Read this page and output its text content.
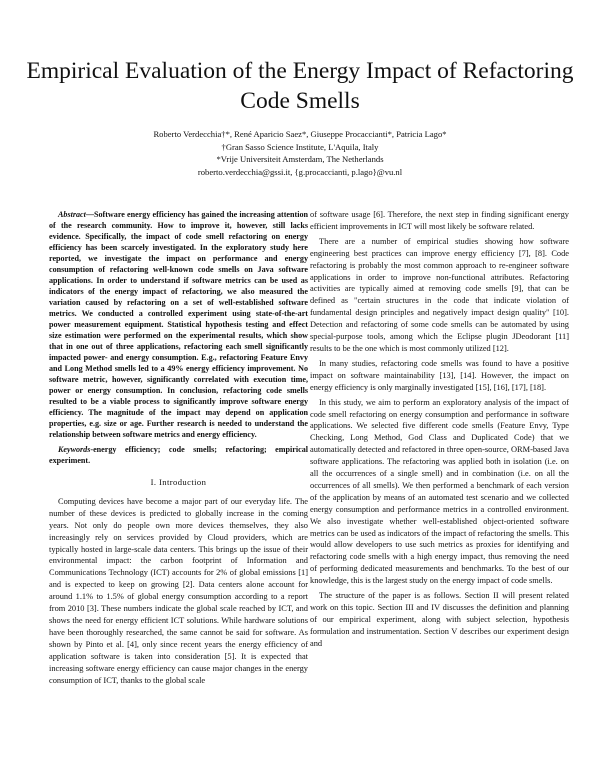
Empirical Evaluation of the Energy Impact of Refactoring Code Smells
Roberto Verdecchia†*, René Aparicio Saez*, Giuseppe Procaccianti*, Patricia Lago*
†Gran Sasso Science Institute, L'Aquila, Italy
*Vrije Universiteit Amsterdam, The Netherlands
roberto.verdecchia@gssi.it, {g.procaccianti, p.lago}@vu.nl

Abstract—Software energy efficiency has gained the increasing attention of the research community. How to improve it, however, still lacks evidence. Specifically, the impact of code smell refactoring on energy efficiency has been scarcely investigated. In the exploratory study here reported, we investigate the impact on performance and energy consumption of refactoring well-known code smells on Java software applications. In order to understand if software metrics can be used as indicators of the energy impact of refactoring, we also measured the variation caused by refactoring on a set of well-established software metrics. We conducted a controlled experiment using state-of-the-art power measurement equipment. Statistical hypothesis testing and effect size estimation were performed on the experimental results, which show that in one out of three applications, refactoring each smell significantly impacted power- and energy consumption. E.g., refactoring Feature Envy and Long Method smells led to a 49% energy efficiency improvement. No software metric, however, significantly correlated with execution time, power or energy consumption. In conclusion, refactoring code smells resulted to be a viable process to significantly improve software energy efficiency. The magnitude of the impact may depend on application properties, e.g. size or age. Further research is needed to understand the relationship between software metrics and energy efficiency.

Keywords-energy efficiency; code smells; refactoring; empirical experiment.

I. Introduction

Computing devices have become a major part of our everyday life. The number of these devices is predicted to globally increase in the coming years. Not only do people own more devices themselves, they also increasingly rely on services provided by Cloud providers, which are typically hosted in large-scale data centers. This brings up the issue of their environmental impact: the carbon footprint of Information and Communications Technology (ICT) accounts for 2% of global emissions [1] and is expected to keep on growing [2]. Data centers alone account for around 1.1% to 1.5% of global energy consumption according to a report from 2010 [3]. These numbers indicate the global scale reached by ICT, and shows the need for energy efficient ICT solutions. While hardware solutions have been thoroughly researched, the same cannot be said for software. As shown by Pinto et al. [4], only since recent years the energy efficiency of application software is taken into consideration [5]. It is expected that increasing software energy efficiency can cause major changes in the energy consumption of ICT, thanks to the global scale

of software usage [6]. Therefore, the next step in finding significant energy efficient improvements in ICT will most likely be software related.

There are a number of empirical studies showing how software engineering best practices can improve energy efficiency [7], [8]. Code refactoring is probably the most common approach to re-engineer software applications in order to improve non-functional attributes. Refactoring activities are typically aimed at removing code smells [9], that can be defined as "certain structures in the code that indicate violation of fundamental design principles and negatively impact design quality" [10]. Detection and refactoring of some code smells can be automated by using special-purpose tools, among which the Eclipse plugin JDeodorant [11] results to be the one which is most commonly utilized [12].

In many studies, refactoring code smells was found to have a positive impact on software maintainability [13], [14]. However, the impact on energy efficiency is only marginally investigated [15], [16], [17], [18].

In this study, we aim to perform an exploratory analysis of the impact of code smell refactoring on energy consumption and performance in software applications. We selected five different code smells (Feature Envy, Type Checking, Long Method, God Class and Duplicated Code) that we automatically detected and refactored in three open-source, ORM-based Java software applications. The refactoring was applied both in isolation (i.e. on all the occurrences of a single smell) and in combination (i.e. on all the occurrences of all smells). We then performed a benchmark of each version of the application by means of an automated test scenario and we collected energy consumption and performance metrics in a controlled environment. We also investigate whether well-established object-oriented software metrics can be used as indicators of the impact of refactoring the smells. This would allow developers to use such metrics as proxies for identifying and refactoring code smells with a high energy impact, thus removing the need of performing dedicated measurements and benchmarks. To the best of our knowledge, this is the largest study on the energy impact of code smells.

The structure of the paper is as follows. Section II will present related work on this topic. Section III and IV discusses the definition and planning of our empirical experiment, along with subject selection, hypothesis formulation and instrumentation. Section V describes our experiment design and
